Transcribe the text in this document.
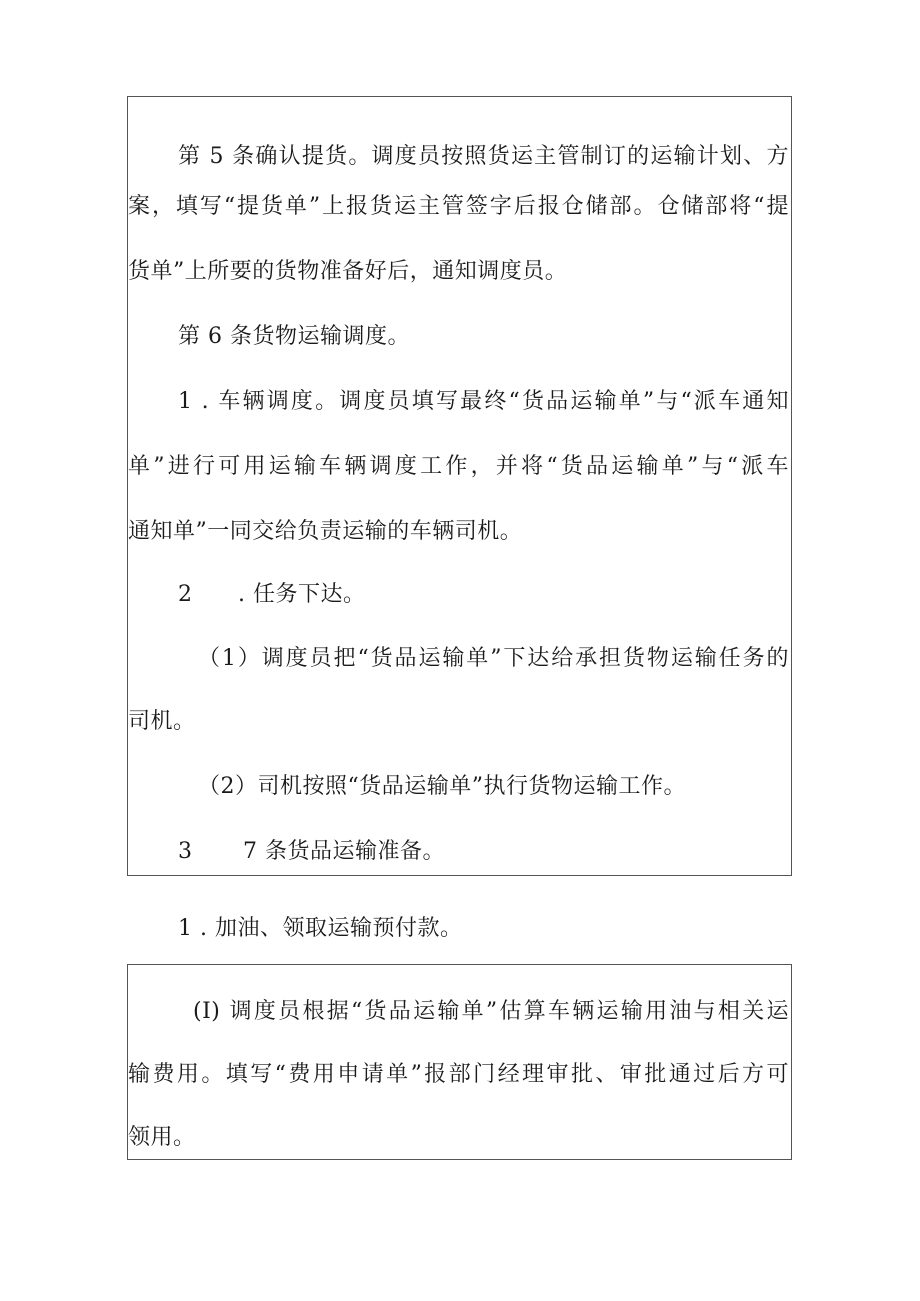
第 5 条确认提货。调度员按照货运主管制订的运输计划、方
案，填写“提货单”上报货运主管签字后报仓储部。仓储部将“提
货单”上所要的货物准备好后，通知调度员。
第 6 条货物运输调度。
1 . 车辆调度。调度员填写最终“货品运输单”与“派车通知
单”进行可用运输车辆调度工作，并将“货品运输单”与“派车
通知单”一同交给负责运输的车辆司机。
2 . 任务下达。
（1）调度员把“货品运输单”下达给承担货物运输任务的
司机。
（2）司机按照“货品运输单”执行货物运输工作。
3 7 条货品运输准备。
1 . 加油、领取运输预付款。
(I) 调度员根据“货品运输单”估算车辆运输用油与相关运
输费用。填写“费用申请单”报部门经理审批、审批通过后方可
领用。
